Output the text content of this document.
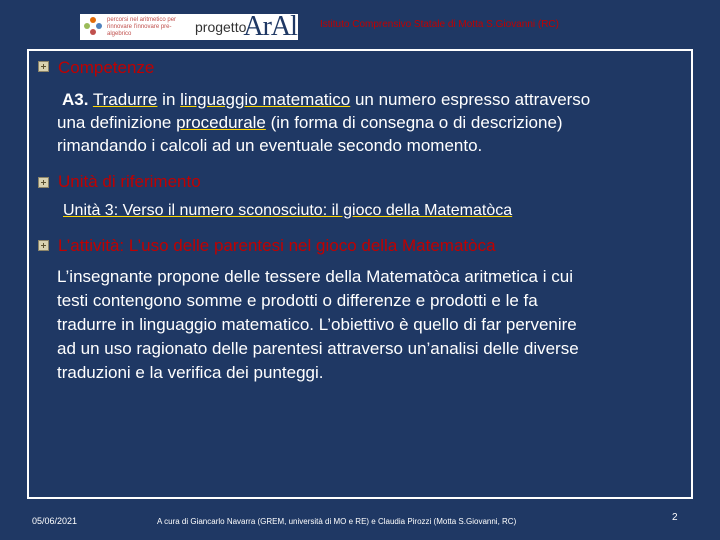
percorsi nel aritmetico per rinnovare l'innovare pre-algebrico	progetto
ArAl Istituto Comprensivo Statale di Motta S.Giovanni (RC)
Competenze
A3. Tradurre in linguaggio matematico un numero espresso attraverso
una definizione procedurale (in forma di consegna o di descrizione)
rimandando i calcoli ad un eventuale secondo momento.
Unità di riferimento
Unità 3: Verso il numero sconosciuto: il gioco della Matematòca
L’attività: L’uso delle parentesi nel gioco della Matematòca
L’insegnante propone delle tessere della Matematòca aritmetica i cui
testi contengono somme e prodotti o differenze e prodotti e le fa
tradurre in linguaggio matematico. L’obiettivo è quello di far pervenire
ad un uso ragionato delle parentesi attraverso un’analisi delle diverse
traduzioni e la verifica dei punteggi.
05/06/2021	A cura di Giancarlo Navarra (GREM, università di MO e RE) e Claudia Pirozzi (Motta S.Giovanni, RC)	2
